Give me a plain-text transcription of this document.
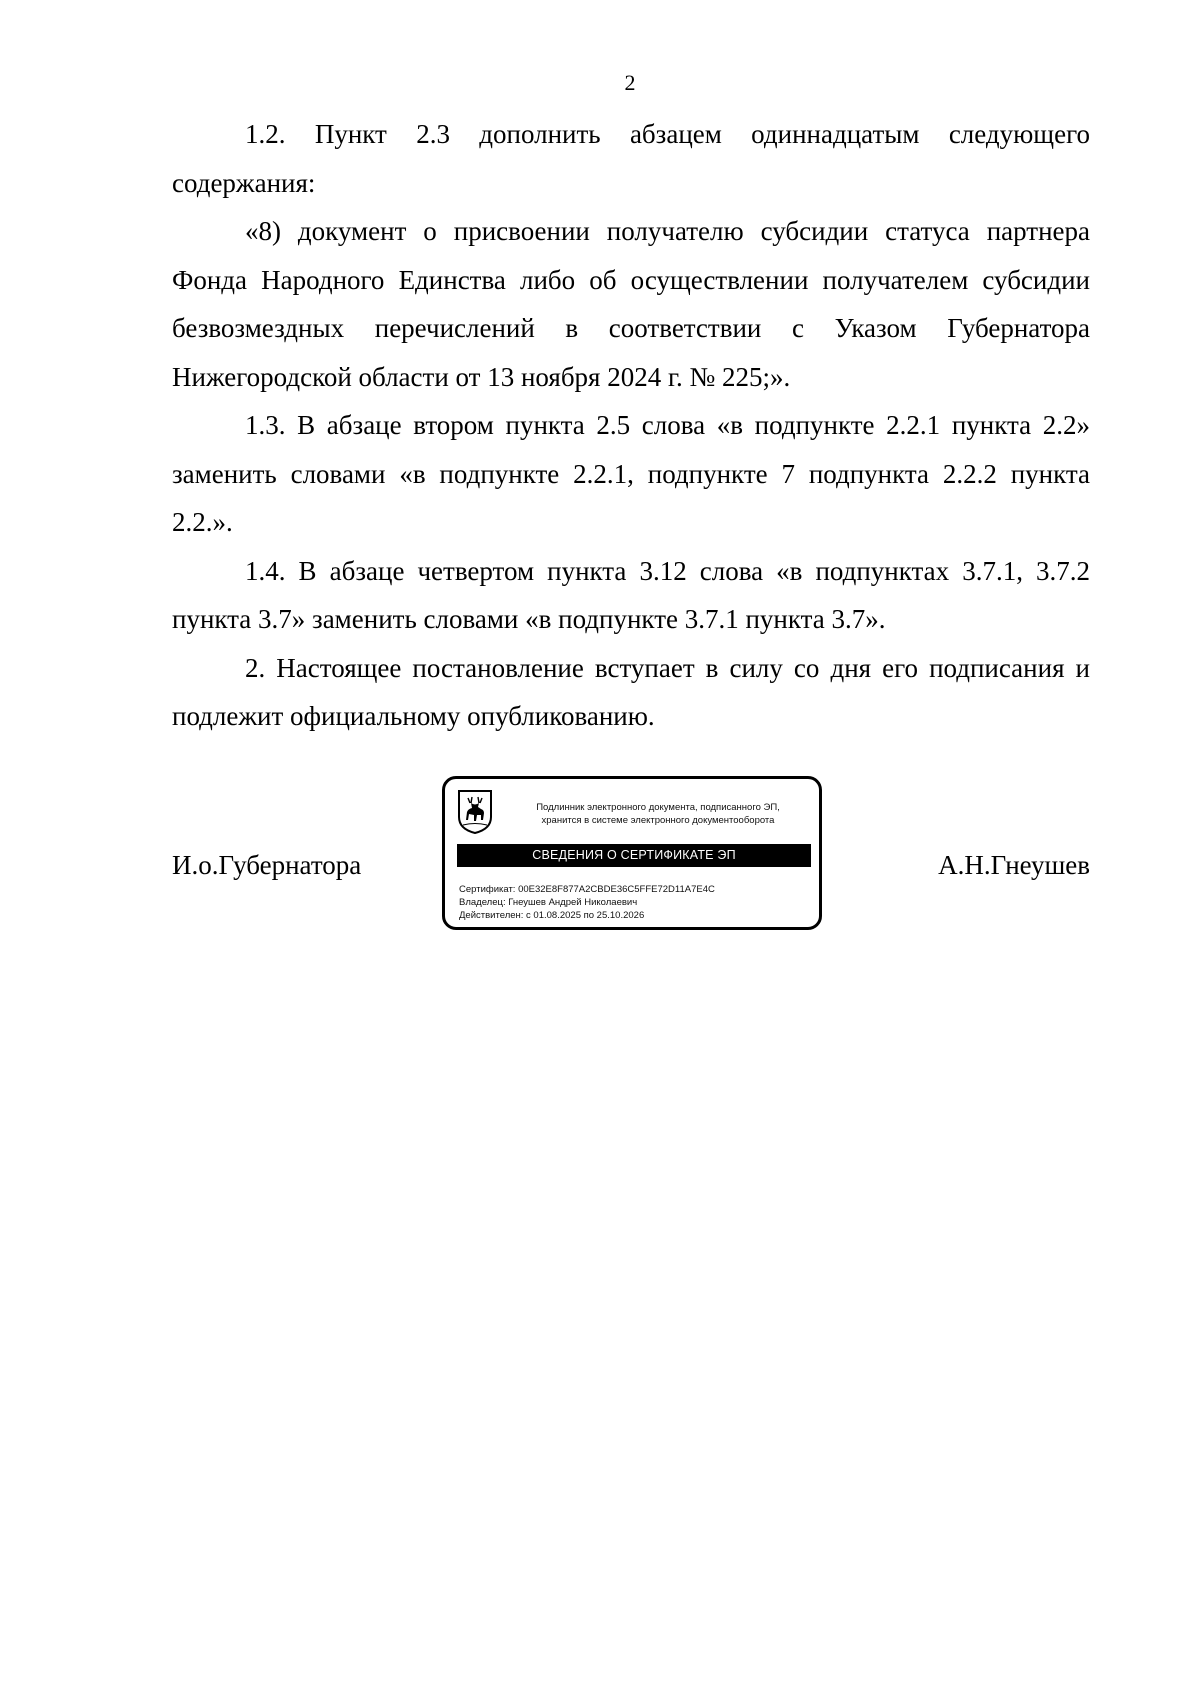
2

1.2. Пункт 2.3 дополнить абзацем одиннадцатым следующего содержания:

«8) документ о присвоении получателю субсидии статуса партнера Фонда Народного Единства либо об осуществлении получателем субсидии безвозмездных перечислений в соответствии с Указом Губернатора Нижегородской области от 13 ноября 2024 г. № 225;».

1.3. В абзаце втором пункта 2.5 слова «в подпункте 2.2.1 пункта 2.2» заменить словами «в подпункте 2.2.1, подпункте 7 подпункта 2.2.2 пункта 2.2.».

1.4. В абзаце четвертом пункта 3.12 слова «в подпунктах 3.7.1, 3.7.2 пункта 3.7» заменить словами «в подпункте 3.7.1 пункта 3.7».

2. Настоящее постановление вступает в силу со дня его подписания и подлежит официальному опубликованию.

И.о.Губернатора
Подлинник электронного документа, подписанного ЭП,
хранится в системе электронного документооборота
СВЕДЕНИЯ О СЕРТИФИКАТЕ ЭП
Сертификат: 00E32E8F877A2CBDE36C5FFE72D11A7E4C
Владелец: Гнеушев Андрей Николаевич
Действителен: с 01.08.2025 по 25.10.2026
А.Н.Гнеушев
